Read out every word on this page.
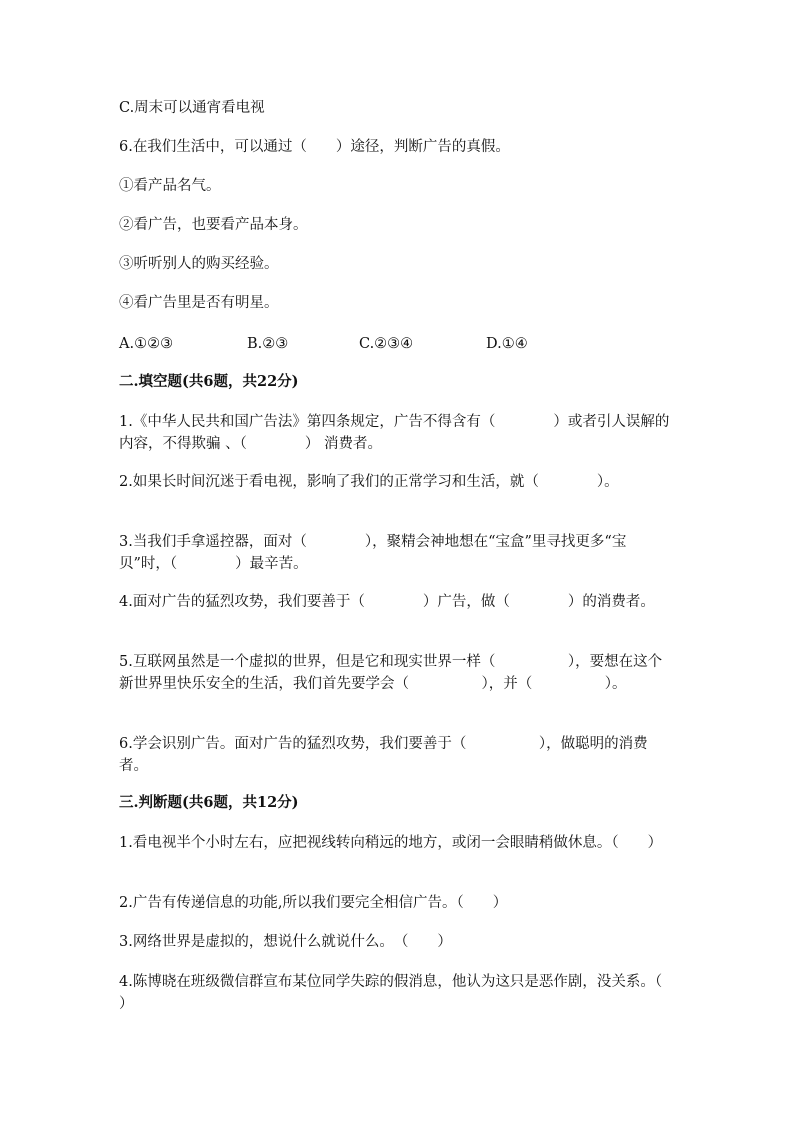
C.周末可以通宵看电视
6.在我们生活中，可以通过（　　）途径，判断广告的真假。
①看产品名气。
②看广告，也要看产品本身。
③听听别人的购买经验。
④看广告里是否有明星。
A.①②③	B.②③	C.②③④	D.①④
二.填空题(共6题，共22分)
1.《中华人民共和国广告法》第四条规定，广告不得含有（　　　　）或者引人误解的内容，不得欺骗 、（　　　　） 消费者。
2.如果长时间沉迷于看电视，影响了我们的正常学习和生活，就（　　　　）。
3.当我们手拿遥控器，面对（　　　　），聚精会神地想在“宝盒”里寻找更多“宝贝”时，（　　　　）最辛苦。
4.面对广告的猛烈攻势，我们要善于（　　　　）广告，做（　　　　）的消费者。
5.互联网虽然是一个虚拟的世界，但是它和现实世界一样（　　　　　），要想在这个新世界里快乐安全的生活，我们首先要学会（　　　　　），并（　　　　　）。
6.学会识别广告。面对广告的猛烈攻势，我们要善于（　　　　　），做聪明的消费者。
三.判断题(共6题，共12分)
1.看电视半个小时左右，应把视线转向稍远的地方，或闭一会眼睛稍做休息。（　　）
2.广告有传递信息的功能,所以我们要完全相信广告。（　　）
3.网络世界是虚拟的，想说什么就说什么。　（　　）
4.陈博晓在班级微信群宣布某位同学失踪的假消息，他认为这只是恶作剧，没关系。（　　）
